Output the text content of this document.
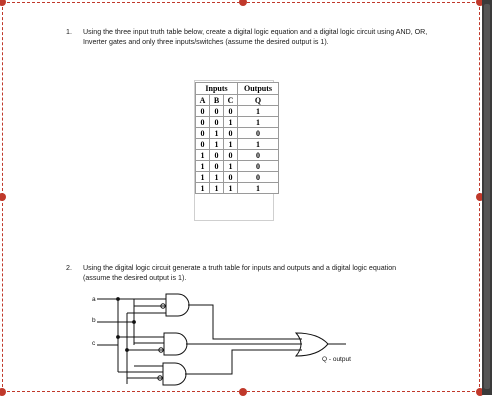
1. Using the three input truth table below, create a digital logic equation and a digital logic circuit using AND, OR, Inverter gates and only three inputs/switches (assume the desired output is 1).
Inputs			Outputs
A	B	C	Q
0	0	0	1
0	0	1	1
0	1	0	0
0	1	1	1
1	0	0	0
1	0	1	0
1	1	0	0
1	1	1	1
2. Using the digital logic circuit generate a truth table for inputs and outputs and a digital logic equation (assume the desired output is 1).
a
b
c
Q - output
